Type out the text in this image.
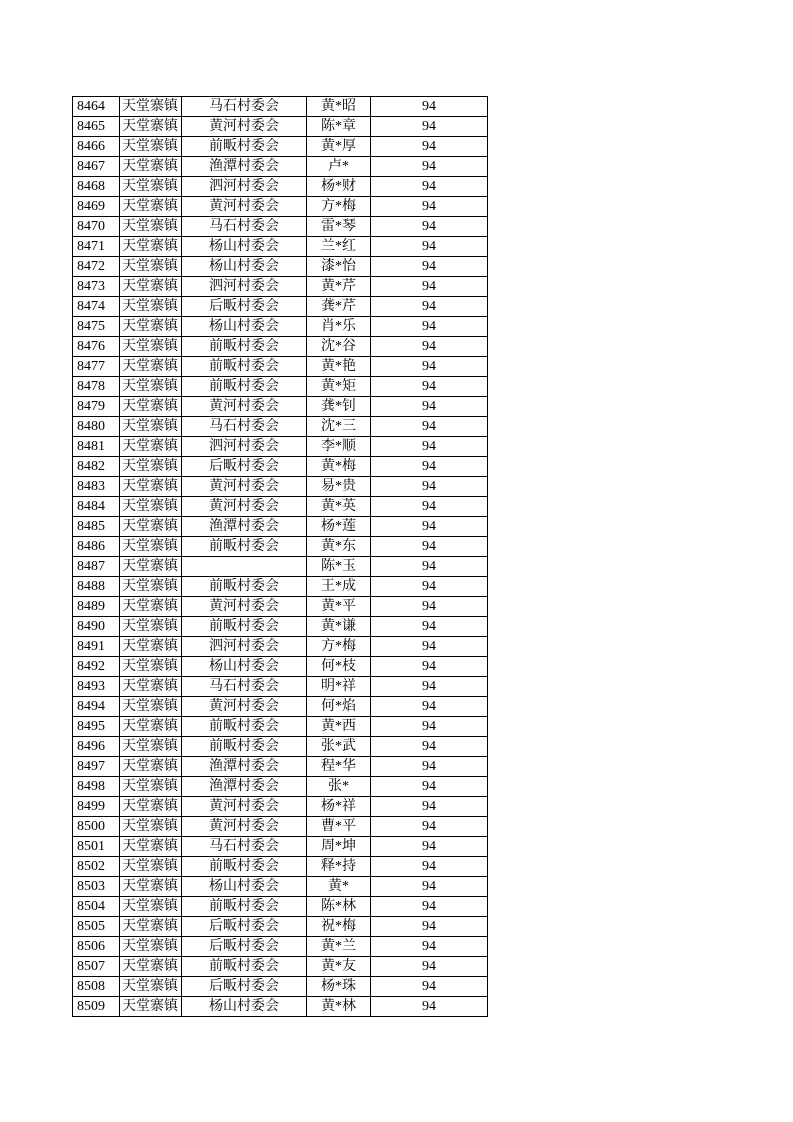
8464	天堂寨镇	马石村委会	黄*昭	94
8465	天堂寨镇	黄河村委会	陈*章	94
8466	天堂寨镇	前畈村委会	黄*厚	94
8467	天堂寨镇	渔潭村委会	卢*	94
8468	天堂寨镇	泗河村委会	杨*财	94
8469	天堂寨镇	黄河村委会	方*梅	94
8470	天堂寨镇	马石村委会	雷*琴	94
8471	天堂寨镇	杨山村委会	兰*红	94
8472	天堂寨镇	杨山村委会	漆*怡	94
8473	天堂寨镇	泗河村委会	黄*芹	94
8474	天堂寨镇	后畈村委会	龚*芹	94
8475	天堂寨镇	杨山村委会	肖*乐	94
8476	天堂寨镇	前畈村委会	沈*谷	94
8477	天堂寨镇	前畈村委会	黄*艳	94
8478	天堂寨镇	前畈村委会	黄*矩	94
8479	天堂寨镇	黄河村委会	龚*钊	94
8480	天堂寨镇	马石村委会	沈*三	94
8481	天堂寨镇	泗河村委会	李*顺	94
8482	天堂寨镇	后畈村委会	黄*梅	94
8483	天堂寨镇	黄河村委会	易*贵	94
8484	天堂寨镇	黄河村委会	黄*英	94
8485	天堂寨镇	渔潭村委会	杨*莲	94
8486	天堂寨镇	前畈村委会	黄*东	94
8487	天堂寨镇		陈*玉	94
8488	天堂寨镇	前畈村委会	王*成	94
8489	天堂寨镇	黄河村委会	黄*平	94
8490	天堂寨镇	前畈村委会	黄*谦	94
8491	天堂寨镇	泗河村委会	方*梅	94
8492	天堂寨镇	杨山村委会	何*枝	94
8493	天堂寨镇	马石村委会	明*祥	94
8494	天堂寨镇	黄河村委会	何*焰	94
8495	天堂寨镇	前畈村委会	黄*西	94
8496	天堂寨镇	前畈村委会	张*武	94
8497	天堂寨镇	渔潭村委会	程*华	94
8498	天堂寨镇	渔潭村委会	张*	94
8499	天堂寨镇	黄河村委会	杨*祥	94
8500	天堂寨镇	黄河村委会	曹*平	94
8501	天堂寨镇	马石村委会	周*坤	94
8502	天堂寨镇	前畈村委会	释*持	94
8503	天堂寨镇	杨山村委会	黄*	94
8504	天堂寨镇	前畈村委会	陈*林	94
8505	天堂寨镇	后畈村委会	祝*梅	94
8506	天堂寨镇	后畈村委会	黄*兰	94
8507	天堂寨镇	前畈村委会	黄*友	94
8508	天堂寨镇	后畈村委会	杨*珠	94
8509	天堂寨镇	杨山村委会	黄*林	94
